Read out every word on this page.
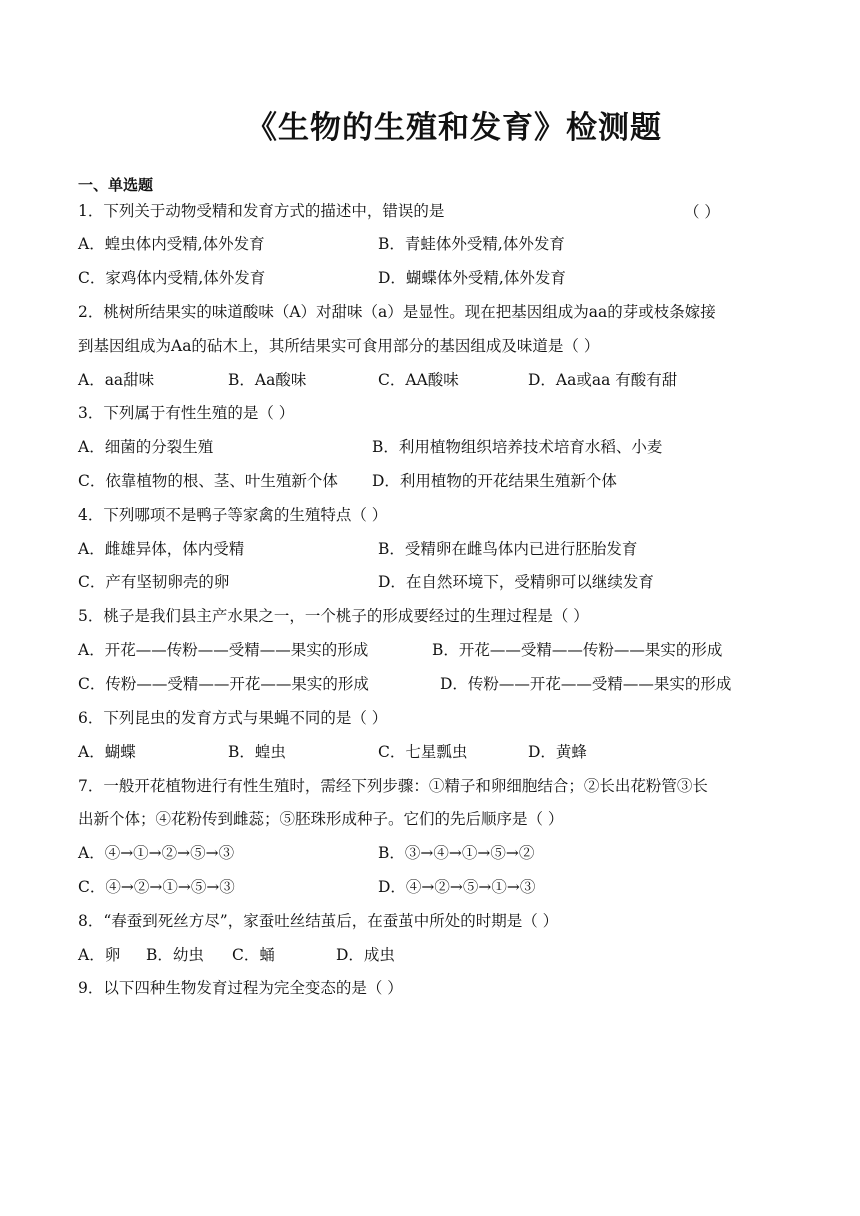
《生物的生殖和发育》检测题
一、单选题
1．下列关于动物受精和发育方式的描述中，错误的是	（ ）
A．蝗虫体内受精,体外发育	B．青蛙体外受精,体外发育
C．家鸡体内受精,体外发育	D．蝴蝶体外受精,体外发育
2．桃树所结果实的味道酸味（A）对甜味（a）是显性。现在把基因组成为aa的芽或枝条嫁接
到基因组成为Aa的砧木上，其所结果实可食用部分的基因组成及味道是（ ）
A．aa甜味	B．Aa酸味	C．AA酸味	D．Aa或aa 有酸有甜
3．下列属于有性生殖的是（ ）
A．细菌的分裂生殖	B．利用植物组织培养技术培育水稻、小麦
C．依靠植物的根、茎、叶生殖新个体 D．利用植物的开花结果生殖新个体
4．下列哪项不是鸭子等家禽的生殖特点（ ）
A．雌雄异体，体内受精	B．受精卵在雌鸟体内已进行胚胎发育
C．产有坚韧卵壳的卵	D．在自然环境下，受精卵可以继续发育
5．桃子是我们县主产水果之一，一个桃子的形成要经过的生理过程是（ ）
A．开花——传粉——受精——果实的形成	B．开花——受精——传粉——果实的形成
C．传粉——受精——开花——果实的形成	D．传粉——开花——受精——果实的形成
6．下列昆虫的发育方式与果蝇不同的是（ ）
A．蝴蝶	B．蝗虫	C．七星瓢虫	D．黄蜂
7．一般开花植物进行有性生殖时，需经下列步骤：①精子和卵细胞结合；②长出花粉管③长
出新个体；④花粉传到雌蕊；⑤胚珠形成种子。它们的先后顺序是（ ）
A．④→①→②→⑤→③	B．③→④→①→⑤→②
C．④→②→①→⑤→③	D．④→②→⑤→①→③
8．“春蚕到死丝方尽”，家蚕吐丝结茧后，在蚕茧中所处的时期是（ ）
A．卵 B．幼虫 C．蛹	D．成虫
9．以下四种生物发育过程为完全变态的是（ ）
